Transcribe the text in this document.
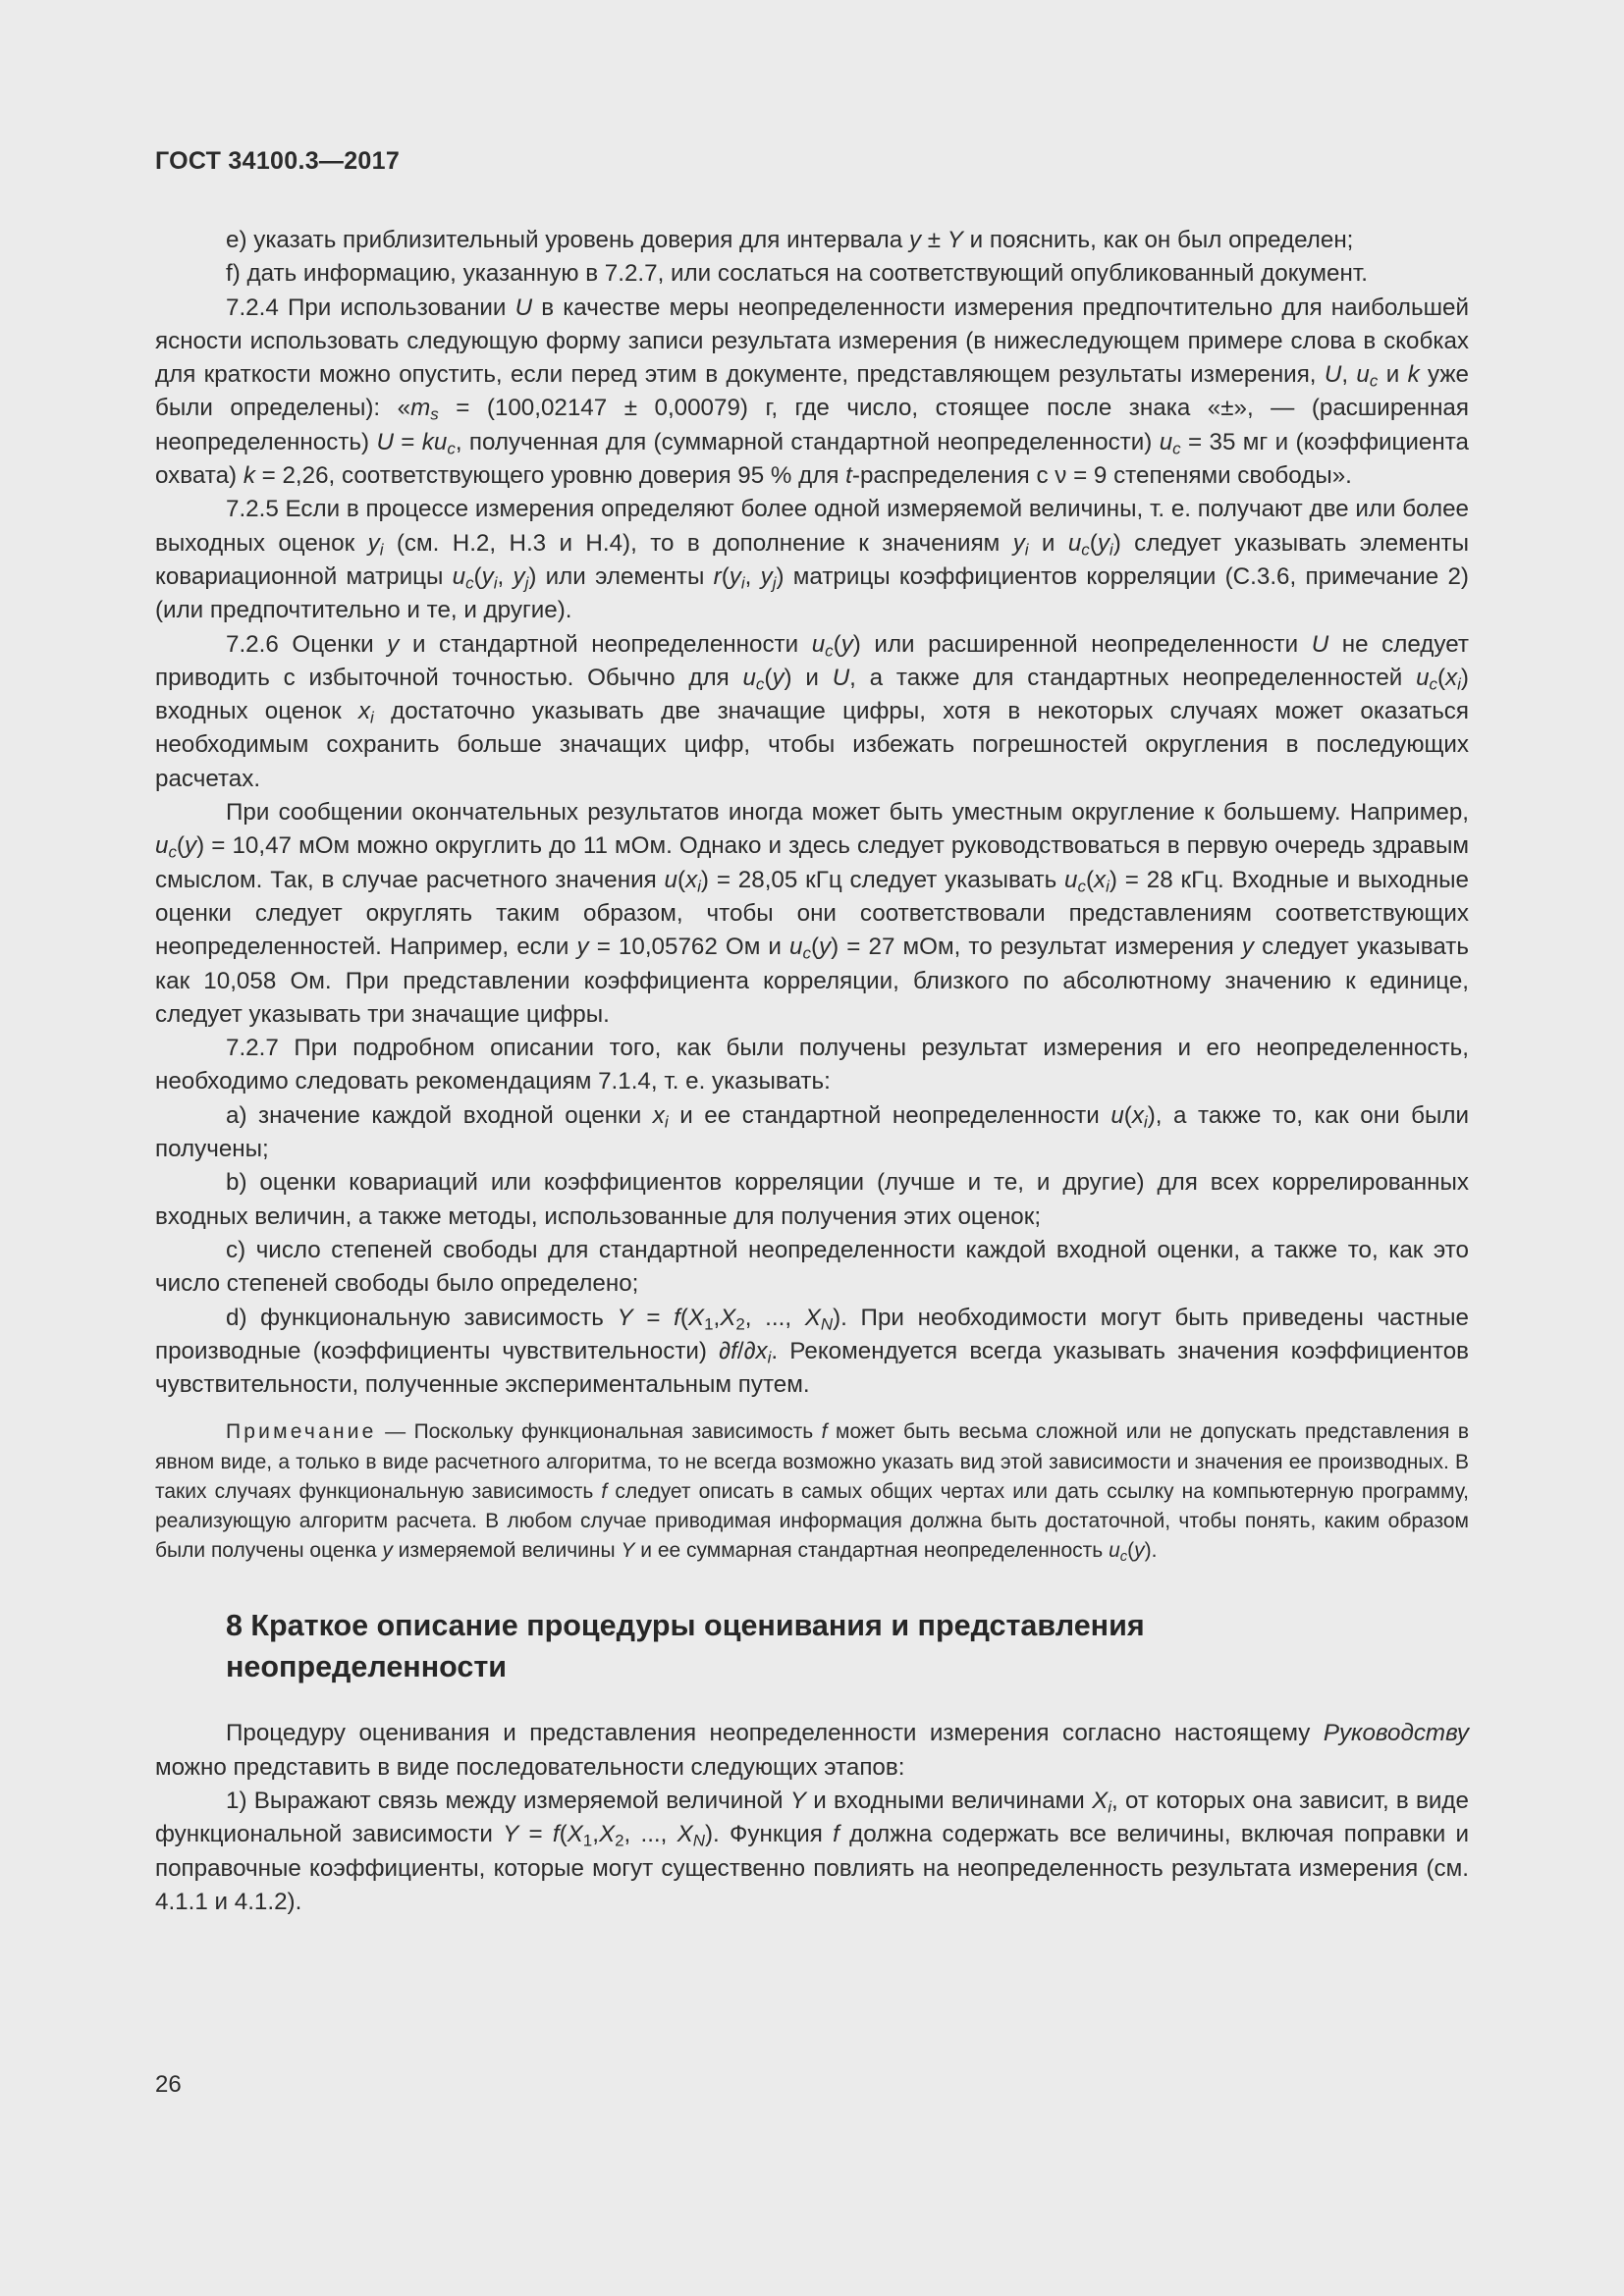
ГОСТ 34100.3—2017

e) указать приблизительный уровень доверия для интервала y ± Y и пояснить, как он был определен;

f) дать информацию, указанную в 7.2.7, или сослаться на соответствующий опубликованный документ.

7.2.4 При использовании U в качестве меры неопределенности измерения предпочтительно для наибольшей ясности использовать следующую форму записи результата измерения (в нижеследующем примере слова в скобках для краткости можно опустить, если перед этим в документе, представляющем результаты измерения, U, $u_c$ и k уже были определены): «$m_s = (100,02147 \pm 0,00079)$ г, где число, стоящее после знака «±», — (расширенная неопределенность) $U = ku_c$, полученная для (суммарной стандартной неопределенности) $u_c = 35$ мг и (коэффициента охвата) k = 2,26, соответствующего уровню доверия 95 % для t-распределения с ν = 9 степенями свободы».

7.2.5 Если в процессе измерения определяют более одной измеряемой величины, т. е. получают две или более выходных оценок $y_i$ (см. H.2, H.3 и H.4), то в дополнение к значениям $y_i$ и $u_c(y_i)$ следует указывать элементы ковариационной матрицы $u_c(y_i$, $y_j$) или элементы $r(y_i$, $y_j$) матрицы коэффициентов корреляции (C.3.6, примечание 2) (или предпочтительно и те, и другие).

7.2.6 Оценки y и стандартной неопределенности $u_c(y)$ или расширенной неопределенности U не следует приводить с избыточной точностью. Обычно для $u_c(y)$ и U, а также для стандартных неопределенностей $u_c(x_i)$ входных оценок $x_i$ достаточно указывать две значащие цифры, хотя в некоторых случаях может оказаться необходимым сохранить больше значащих цифр, чтобы избежать погрешностей округления в последующих расчетах.

При сообщении окончательных результатов иногда может быть уместным округление к большему. Например, $u_c(y) = 10,47$ мОм можно округлить до 11 мОм. Однако и здесь следует руководствоваться в первую очередь здравым смыслом. Так, в случае расчетного значения $u(x_i) = 28,05$ кГц следует указывать $u_c(x_i) = 28$ кГц. Входные и выходные оценки следует округлять таким образом, чтобы они соответствовали представлениям соответствующих неопределенностей. Например, если y = 10,05762 Ом и $u_c(y) = 27$ мОм, то результат измерения y следует указывать как 10,058 Ом. При представлении коэффициента корреляции, близкого по абсолютному значению к единице, следует указывать три значащие цифры.

7.2.7 При подробном описании того, как были получены результат измерения и его неопределенность, необходимо следовать рекомендациям 7.1.4, т. е. указывать:

a) значение каждой входной оценки $x_i$ и ее стандартной неопределенности $u(x_i)$, а также то, как они были получены;

b) оценки ковариаций или коэффициентов корреляции (лучше и те, и другие) для всех коррелированных входных величин, а также методы, использованные для получения этих оценок;

c) число степеней свободы для стандартной неопределенности каждой входной оценки, а также то, как это число степеней свободы было определено;

d) функциональную зависимость $Y = f(X_1,X_2$, ..., $X_N$). При необходимости могут быть приведены частные производные (коэффициенты чувствительности) $\partial f/\partial x_i$. Рекомендуется всегда указывать значения коэффициентов чувствительности, полученные экспериментальным путем.

Примечание — Поскольку функциональная зависимость f может быть весьма сложной или не допускать представления в явном виде, а только в виде расчетного алгоритма, то не всегда возможно указать вид этой зависимости и значения ее производных. В таких случаях функциональную зависимость f следует описать в самых общих чертах или дать ссылку на компьютерную программу, реализующую алгоритм расчета. В любом случае приводимая информация должна быть достаточной, чтобы понять, каким образом были получены оценка y измеряемой величины Y и ее суммарная стандартная неопределенность $u_c(y)$.

8 Краткое описание процедуры оценивания и представления
неопределенности

Процедуру оценивания и представления неопределенности измерения согласно настоящему Руководству можно представить в виде последовательности следующих этапов:

1) Выражают связь между измеряемой величиной Y и входными величинами $X_i$, от которых она зависит, в виде функциональной зависимости $Y = f(X_1,X_2$, ..., $X_N$). Функция f должна содержать все величины, включая поправки и поправочные коэффициенты, которые могут существенно повлиять на неопределенность результата измерения (см. 4.1.1 и 4.1.2).

26
